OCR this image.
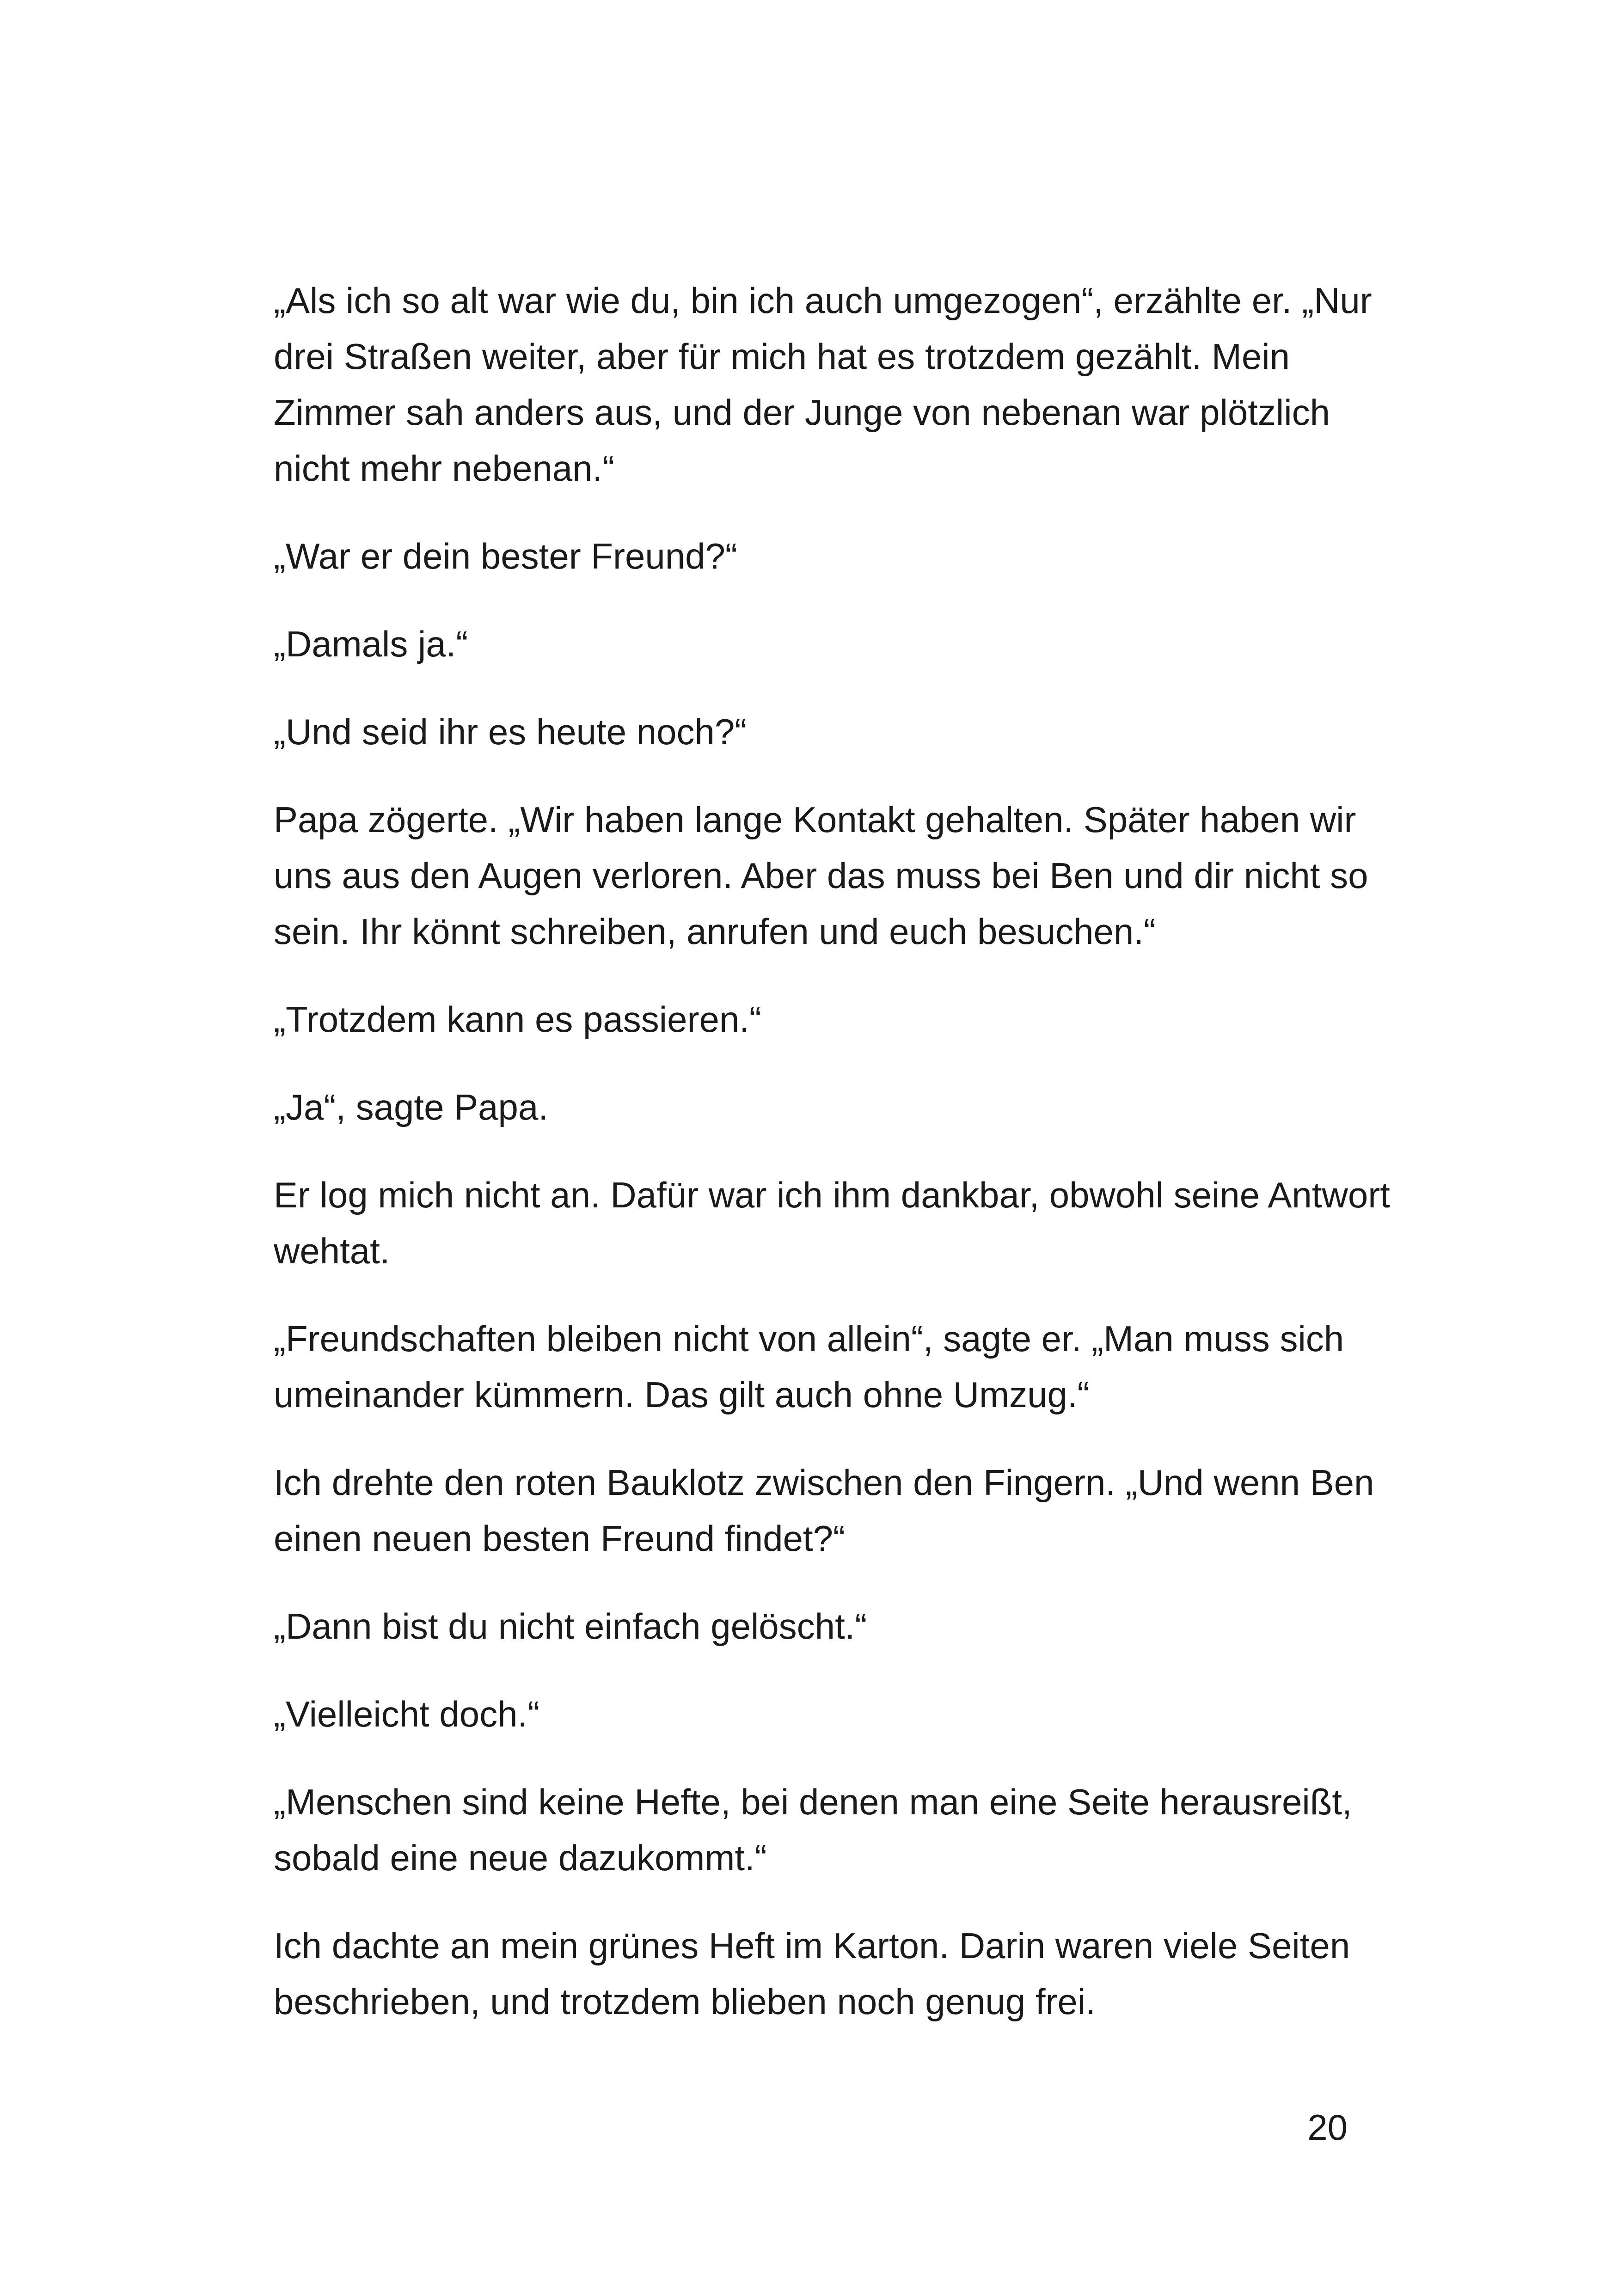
„Als ich so alt war wie du, bin ich auch umgezogen“, erzählte er. „Nur drei Straßen weiter, aber für mich hat es trotzdem gezählt. Mein Zimmer sah anders aus, und der Junge von nebenan war plötzlich nicht mehr nebenan.“

„War er dein bester Freund?“

„Damals ja.“

„Und seid ihr es heute noch?“

Papa zögerte. „Wir haben lange Kontakt gehalten. Später haben wir uns aus den Augen verloren. Aber das muss bei Ben und dir nicht so sein. Ihr könnt schreiben, anrufen und euch besuchen.“

„Trotzdem kann es passieren.“

„Ja“, sagte Papa.

Er log mich nicht an. Dafür war ich ihm dankbar, obwohl seine Antwort wehtat.

„Freundschaften bleiben nicht von allein“, sagte er. „Man muss sich umeinander kümmern. Das gilt auch ohne Umzug.“

Ich drehte den roten Bauklotz zwischen den Fingern. „Und wenn Ben einen neuen besten Freund findet?“

„Dann bist du nicht einfach gelöscht.“

„Vielleicht doch.“

„Menschen sind keine Hefte, bei denen man eine Seite herausreißt, sobald eine neue dazukommt.“

Ich dachte an mein grünes Heft im Karton. Darin waren viele Seiten beschrieben, und trotzdem blieben noch genug frei.

20
